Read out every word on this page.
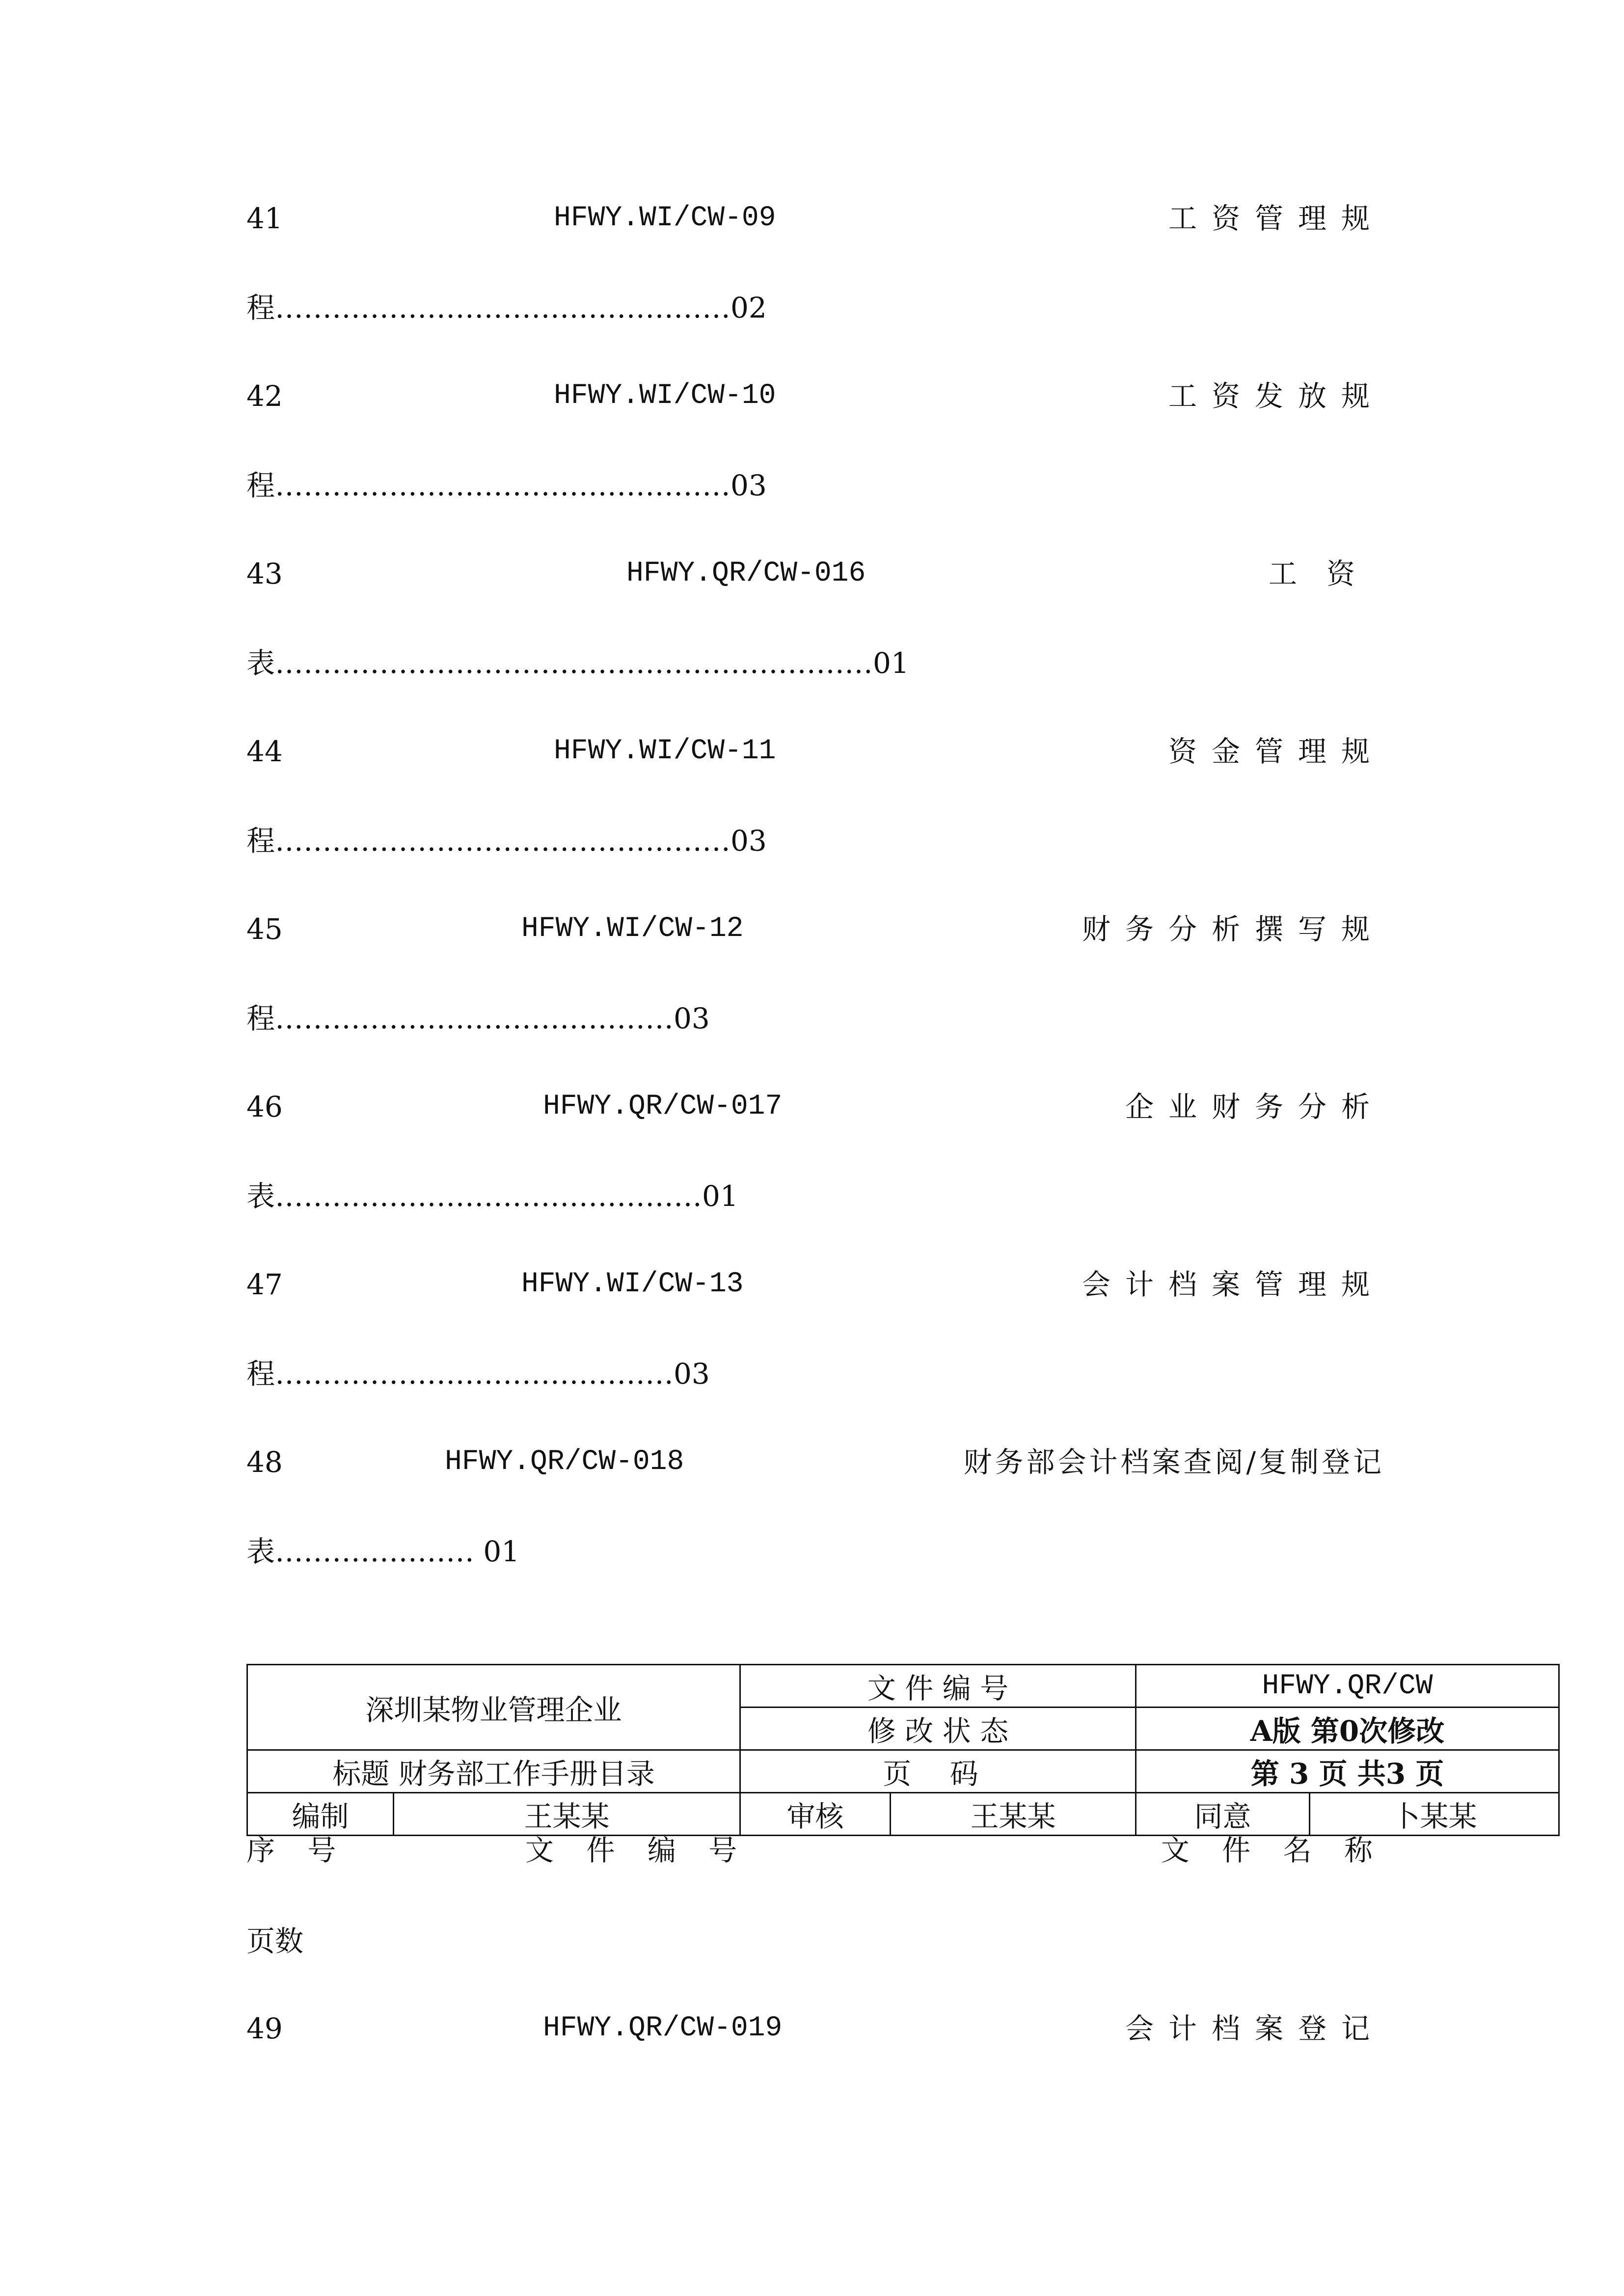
41	HFWY.WI/CW-09	工资管理规
程…………………………………………02
42	HFWY.WI/CW-10	工资发放规
程…………………………………………03
43	HFWY.QR/CW-016	工资
表………………………………………………………01
44	HFWY.WI/CW-11	资金管理规
程…………………………………………03
45	HFWY.WI/CW-12	财务分析撰写规
程……………………………………03
46	HFWY.QR/CW-017	企业财务分析
表………………………………………01
47	HFWY.WI/CW-13	会计档案管理规
程……………………………………03
48	HFWY.QR/CW-018	财务部会计档案查阅/复制登记
表………………… 01
深圳某物业管理企业		文 件 编 号		HFWY.QR/CW	
		修 改 状 态		A版 第0次修改	
标题 财务部工作手册目录		页 码		第 3 页 共3 页	
编制	王某某	审核	王某某	同意	卜某某
序 号	文 件 编 号	文 件 名 称
页数
49	HFWY.QR/CW-019	会计档案登记
